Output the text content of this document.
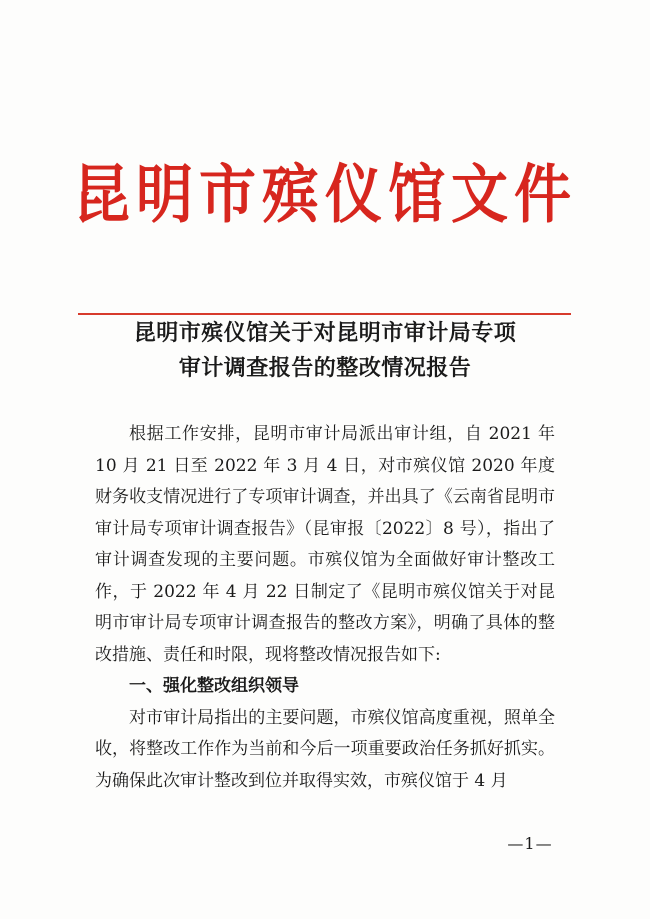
昆明市殡仪馆文件
昆明市殡仪馆关于对昆明市审计局专项
审计调查报告的整改情况报告

根据工作安排，昆明市审计局派出审计组，自 2021 年 10 月 21 日至 2022 年 3 月 4 日，对市殡仪馆 2020 年度财务收支情况进行了专项审计调查，并出具了《云南省昆明市审计局专项审计调查报告》（昆审报〔2022〕8 号），指出了审计调查发现的主要问题。市殡仪馆为全面做好审计整改工作，于 2022 年 4 月 22 日制定了《昆明市殡仪馆关于对昆明市审计局专项审计调查报告的整改方案》，明确了具体的整改措施、责任和时限，现将整改情况报告如下:

一、强化整改组织领导

对市审计局指出的主要问题，市殡仪馆高度重视，照单全收，将整改工作作为当前和今后一项重要政治任务抓好抓实。为确保此次审计整改到位并取得实效，市殡仪馆于 4 月

—1—
